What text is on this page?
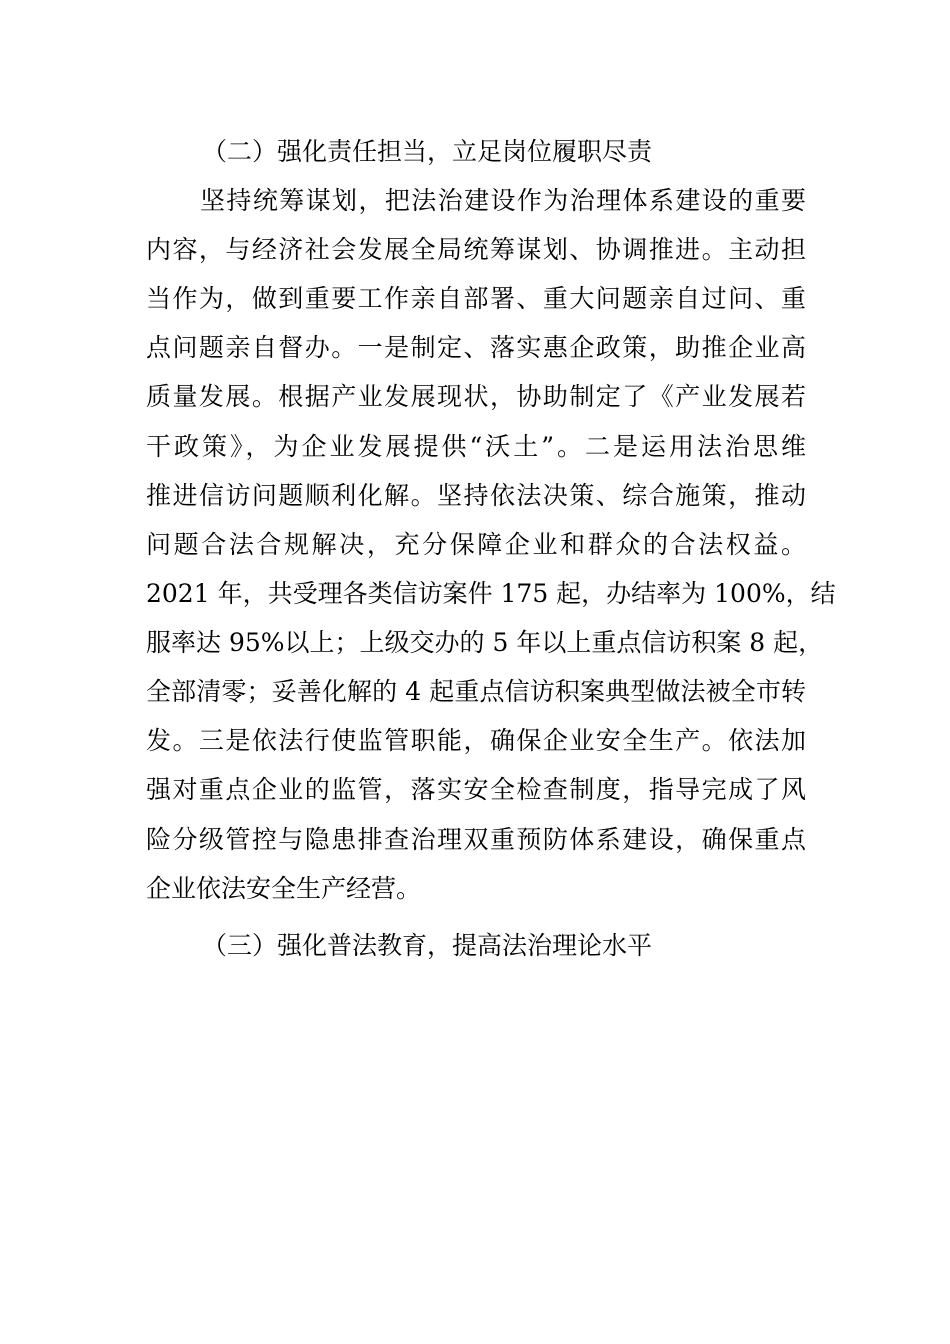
（二）强化责任担当，立足岗位履职尽责
坚持统筹谋划，把法治建设作为治理体系建设的重要
内容，与经济社会发展全局统筹谋划、协调推进。主动担
当作为，做到重要工作亲自部署、重大问题亲自过问、重
点问题亲自督办。一是制定、落实惠企政策，助推企业高
质量发展。根据产业发展现状，协助制定了《产业发展若
干政策》，为企业发展提供“沃土”。二是运用法治思维
推进信访问题顺利化解。坚持依法决策、综合施策，推动
问题合法合规解决，充分保障企业和群众的合法权益。
2021 年，共受理各类信访案件 175 起，办结率为 100%，结
服率达 95%以上；上级交办的 5 年以上重点信访积案 8 起，
全部清零；妥善化解的 4 起重点信访积案典型做法被全市转
发。三是依法行使监管职能，确保企业安全生产。依法加
强对重点企业的监管，落实安全检查制度，指导完成了风
险分级管控与隐患排查治理双重预防体系建设，确保重点
企业依法安全生产经营。
（三）强化普法教育，提高法治理论水平
